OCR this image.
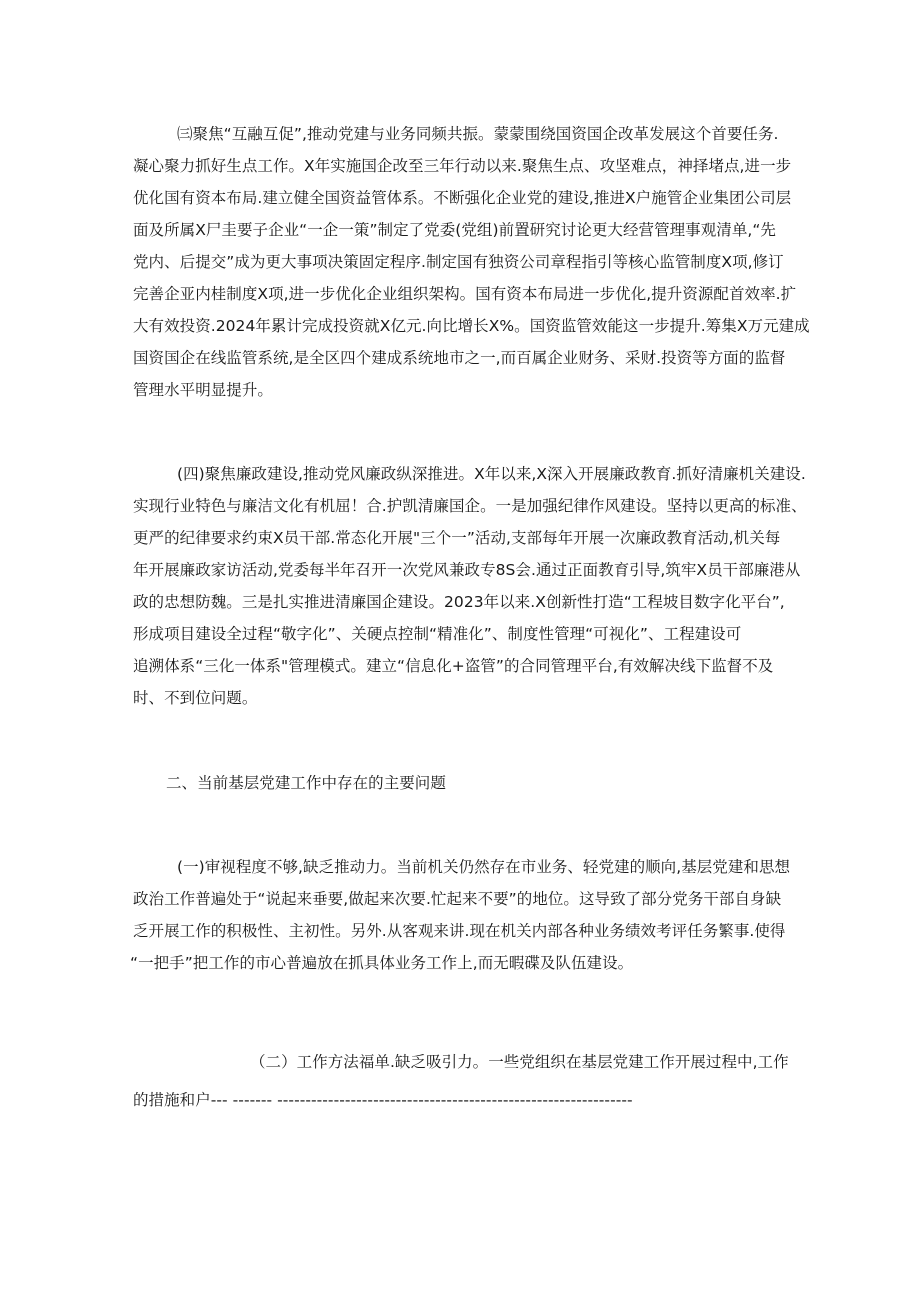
㈢聚焦“互融互促”,推动党建与业务同频共振。蒙蒙围绕国资国企改革发展这个首要任务.
凝心聚力抓好生点工作。X年实施国企改至三年行动以来.聚焦生点、攻坚难点，神择堵点,进一步
优化国有资本布局.建立健全国资益管体系。不断强化企业党的建设,推进X户施管企业集团公司层
面及所属X尸圭要子企业“一企一策”制定了党委(党组)前置研究讨论更大经营管理事观清单,“先
党内、后提交”成为更大事项决策固定程序.制定国有独资公司章程指引等核心监管制度X项,修订
完善企亚内桂制度X项,进一步优化企业组织架构。国有资本布局进一步优化,提升资源配首效率.扩
大有效投资.2024年累计完成投资就X亿元.向比增长X%。国资监管效能这一步提升.筹集X万元建成
国资国企在线监管系统,是全区四个建成系统地市之一,而百属企业财务、采财.投资等方面的监督
管理水平明显提升。
(四)聚焦廉政建设,推动党风廉政纵深推进。X年以来,X深入开展廉政教育.抓好清廉机关建设.
实现行业特色与廉洁文化有机屈！合.护凯清廉国企。一是加强纪律作风建设。坚持以更高的标准、
更严的纪律要求约束X员干部.常态化开展"三个一”活动,支部每年开展一次廉政教育活动,机关每
年开展廉政家访活动,党委每半年召开一次党风兼政专8S会.通过正面教育引导,筑牢X员干部廉港从
政的忠想防魏。三是扎实推进清廉国企建设。2023年以来.X创新性打造“工程坡目数字化平台”,
形成项目建设全过程“敬字化”、关硬点控制“精准化”、制度性管理“可视化”、工程建设可
追溯体系“三化一体系"管理模式。建立“信息化+盗管”的合同管理平台,有效解决线下监督不及
时、不到位问题。
二、当前基层党建工作中存在的主要问题
(一)审视程度不够,缺乏推动力。当前机关仍然存在市业务、轻党建的顺向,基层党建和思想
政治工作普遍处于“说起来垂要,做起来次要.忙起来不要”的地位。这导致了部分党务干部自身缺
乏开展工作的积极性、主初性。另外.从客观来讲.现在机关内部各种业务绩效考评任务繁事.使得
“一把手”把工作的市心普遍放在抓具体业务工作上,而无暇碟及队伍建设。
（二）工作方法福单.缺乏吸引力。一些党组织在基层党建工作开展过程中,工作
的措施和户--- ------- ---------------------------------------------------------------
